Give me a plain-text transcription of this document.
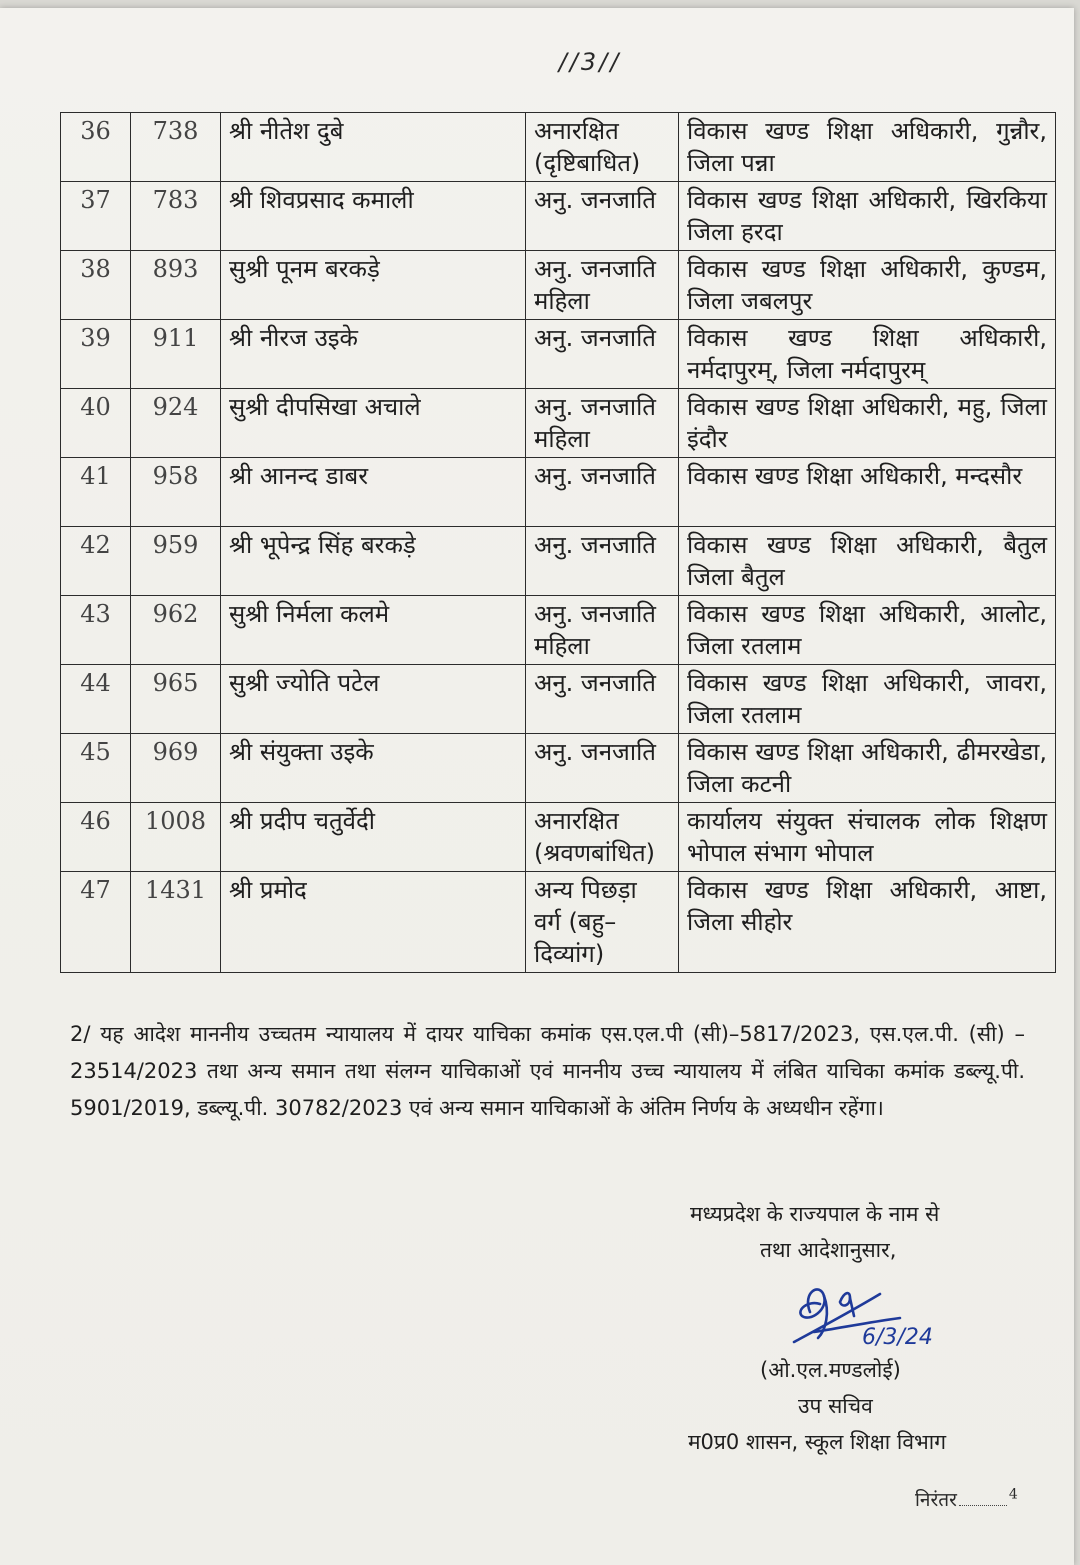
//3//
36	738	श्री नीतेश दुबे	अनारक्षित (दृष्टिबाधित)	विकास खण्ड शिक्षा अधिकारी, गुन्नौर, जिला पन्ना
37	783	श्री शिवप्रसाद कमाली	अनु. जनजाति	विकास खण्ड शिक्षा अधिकारी, खिरकिया जिला हरदा
38	893	सुश्री पूनम बरकड़े	अनु. जनजाति महिला	विकास खण्ड शिक्षा अधिकारी, कुण्डम, जिला जबलपुर
39	911	श्री नीरज उइके	अनु. जनजाति	विकास खण्ड शिक्षा अधिकारी, नर्मदापुरम्, जिला नर्मदापुरम्
40	924	सुश्री दीपसिखा अचाले	अनु. जनजाति महिला	विकास खण्ड शिक्षा अधिकारी, महु, जिला इंदौर
41	958	श्री आनन्द डाबर	अनु. जनजाति	विकास खण्ड शिक्षा अधिकारी, मन्दसौर
42	959	श्री भूपेन्द्र सिंह बरकड़े	अनु. जनजाति	विकास खण्ड शिक्षा अधिकारी, बैतुल जिला बैतुल
43	962	सुश्री निर्मला कलमे	अनु. जनजाति महिला	विकास खण्ड शिक्षा अधिकारी, आलोट, जिला रतलाम
44	965	सुश्री ज्योति पटेल	अनु. जनजाति	विकास खण्ड शिक्षा अधिकारी, जावरा, जिला रतलाम
45	969	श्री संयुक्ता उइके	अनु. जनजाति	विकास खण्ड शिक्षा अधिकारी, ढीमरखेडा, जिला कटनी
46	1008	श्री प्रदीप चतुर्वेदी	अनारक्षित (श्रवणबांधित)	कार्यालय संयुक्त संचालक लोक शिक्षण भोपाल संभाग भोपाल
47	1431	श्री प्रमोद	अन्य पिछड़ा वर्ग (बहु–दिव्यांग)	विकास खण्ड शिक्षा अधिकारी, आष्टा, जिला सीहोर
2/ यह आदेश माननीय उच्चतम न्यायालय में दायर याचिका कमांक एस.एल.पी (सी)–5817/2023, एस.एल.पी. (सी) – 23514/2023 तथा अन्य समान तथा संलग्न याचिकाओं एवं माननीय उच्च न्यायालय में लंबित याचिका कमांक डब्ल्यू.पी. 5901/2019, डब्ल्यू.पी. 30782/2023 एवं अन्य समान याचिकाओं के अंतिम निर्णय के अध्यधीन रहेंगा।
मध्यप्रदेश के राज्यपाल के नाम से
तथा आदेशानुसार,
6/3/24
(ओ.एल.मण्डलोई)
उप सचिव
म0प्र0 शासन, स्कूल शिक्षा विभाग
निरंतर	$^4$
